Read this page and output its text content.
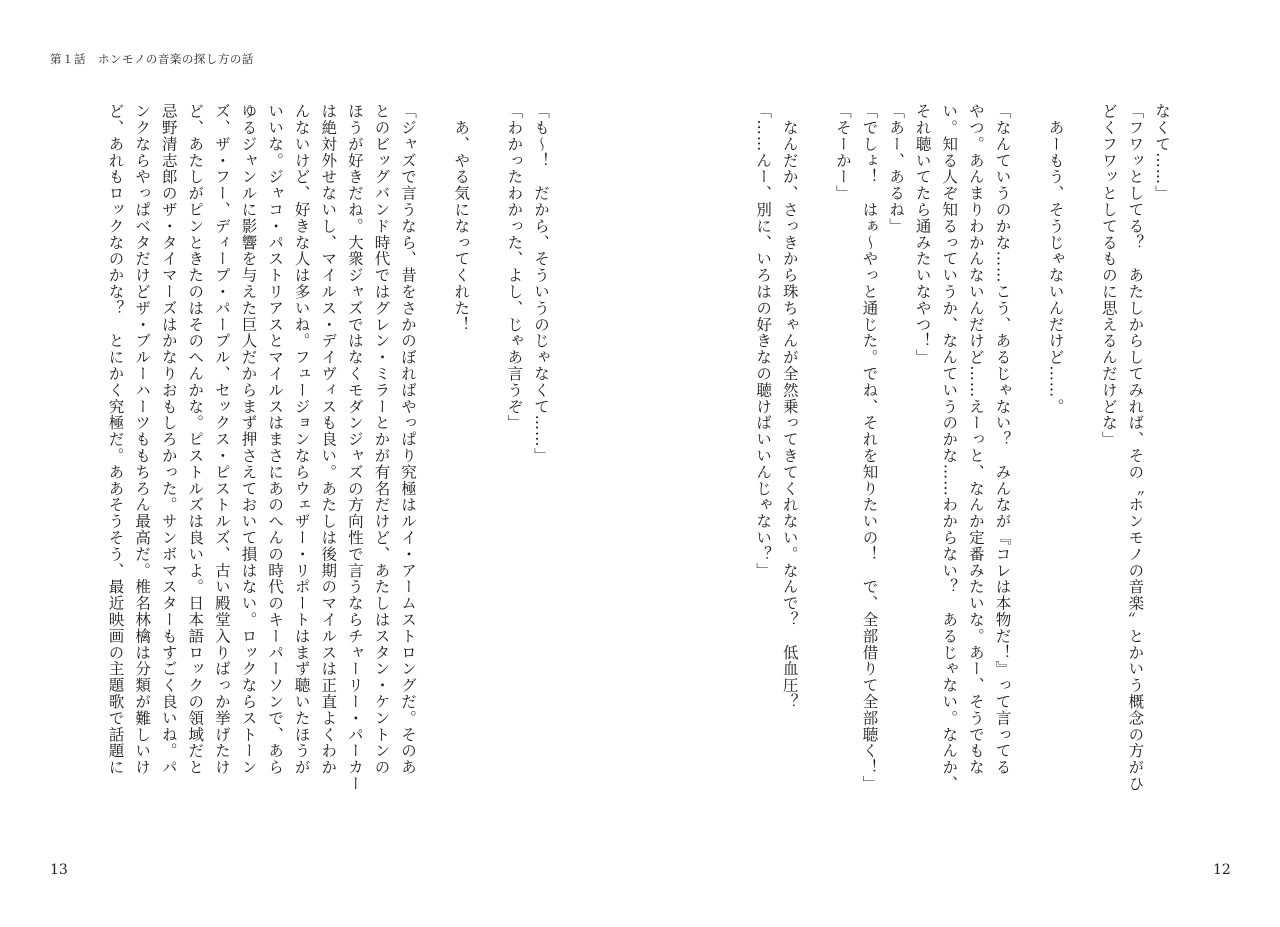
第１話　ホンモノの音楽の探し方の話
なくて……」
「フワッとしてる？　あたしからしてみれば、その〝ホンモノの音楽〟とかいう概念の方がひ
どくフワッとしてるものに思えるんだけどな」

　あーもう、そうじゃないんだけど……。

「なんていうのかな……こう、あるじゃない？　みんなが『コレは本物だ！』って言ってる
やつ。あんまりわかんないんだけど……えーっと、なんか定番みたいな。あー、そうでもな
い。知る人ぞ知るっていうか、なんていうのかな……わからない？　あるじゃない。なんか、
それ聴いてたら通みたいなやつ！」
「あー、あるね」
「でしょ！　はぁ～やっと通じた。でね、それを知りたいの！　で、全部借りて全部聴く！」
「そーかー」

　なんだか、さっきから珠ちゃんが全然乗ってきてくれない。なんで？　低血圧？
「……んー、別に、いろはの好きなの聴けばいいんじゃない？」
「も～！　だから、そういうのじゃなくて……」
「わかったわかった、よし、じゃあ言うぞ」

　あ、やる気になってくれた！

「ジャズで言うなら、昔をさかのぼればやっぱり究極はルイ・アームストロングだ。そのあ
とのビッグバンド時代ではグレン・ミラーとかが有名だけど、あたしはスタン・ケントンの
ほうが好きだね。大衆ジャズではなくモダンジャズの方向性で言うならチャーリー・パーカー
は絶対外せないし、マイルス・デイヴィスも良い。あたしは後期のマイルスは正直よくわか
んないけど、好きな人は多いね。フュージョンならウェザー・リポートはまず聴いたほうが
いいな。ジャコ・パストリアスとマイルスはまさにあのへんの時代のキーパーソンで、あら
ゆるジャンルに影響を与えた巨人だからまず押さえておいて損はない。ロックならストーン
ズ、ザ・フー、ディープ・パープル、セックス・ピストルズ、古い殿堂入りばっか挙げたけ
ど、あたしがピンときたのはそのへんかな。ピストルズは良いよ。日本語ロックの領域だと
忌野清志郎のザ・タイマーズはかなりおもしろかった。サンボマスターもすごく良いね。パ
ンクならやっぱベタだけどザ・ブルーハーツももちろん最高だ。椎名林檎は分類が難しいけ
ど、あれもロックなのかな？　とにかく究極だ。ああそうそう、最近映画の主題歌で話題に
13	12
